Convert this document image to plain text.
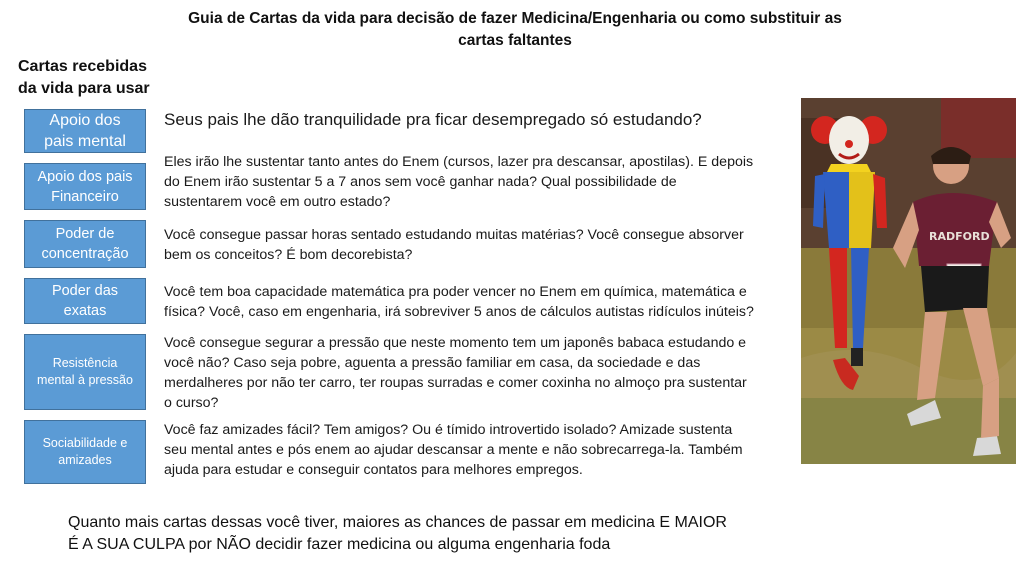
Guia de Cartas da vida para decisão de fazer Medicina/Engenharia ou como substituir as
cartas faltantes
Cartas recebidas
da vida para usar
Apoio dos
pais mental
Apoio dos pais
Financeiro
Poder de
concentração
Poder das
exatas
Resistência
mental à pressão
Sociabilidade e
amizades
Seus pais lhe dão tranquilidade pra ficar desempregado só estudando?
Eles irão lhe sustentar tanto antes do Enem (cursos, lazer pra descansar, apostilas). E depois
do Enem irão sustentar 5 a 7 anos sem você ganhar nada? Qual possibilidade de
sustentarem você em outro estado?
Você consegue passar horas sentado estudando muitas matérias? Você consegue absorver
bem os conceitos? É bom decorebista?
Você tem boa capacidade matemática pra poder vencer no Enem em química, matemática e
física? Você, caso em engenharia, irá sobreviver 5 anos de cálculos autistas ridículos inúteis?
Você consegue segurar a pressão que neste momento tem um japonês babaca estudando e
você não? Caso seja pobre, aguenta a pressão familiar em casa, da sociedade e das
merdalheres por não ter carro, ter roupas surradas e comer coxinha no almoço pra sustentar
o curso?
Você faz amizades fácil? Tem amigos? Ou é tímido introvertido isolado? Amizade sustenta
seu mental antes e pós enem ao ajudar descansar a mente e não sobrecarrega-la. Também
ajuda para estudar e conseguir contatos para melhores empregos.
RADFORD
Quanto mais cartas dessas você tiver, maiores as chances de passar em medicina E MAIOR
É A SUA CULPA por NÃO decidir fazer medicina ou alguma engenharia foda
